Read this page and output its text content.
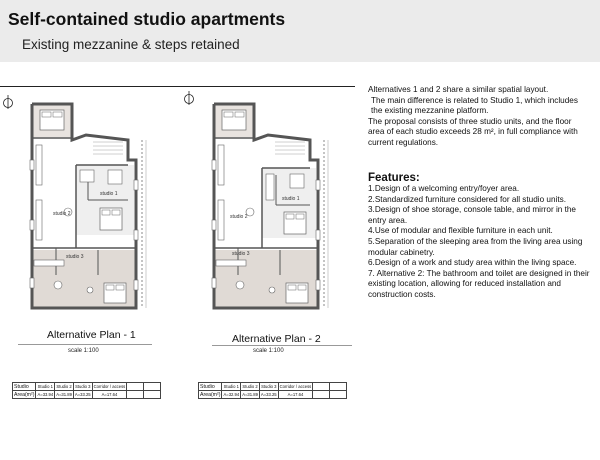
Self-contained studio apartments
Existing mezzanine & steps retained
studio 2
studio 3
studio 1
Alternative Plan - 1
scale 1:100
Studio	Studio 1	Studio 2	Studio 3	Corridor / access		
Area(m²)	A=33.94	A=31.89	A=33.25	A=17.64		
studio 2
studio 3
studio 1
Alternative Plan - 2
scale 1:100
Studio	Studio 1	Studio 2	Studio 3	Corridor / access		
Area(m²)	A=32.94	A=31.89	A=33.25	A=17.64		

Alternatives 1 and 2 share a similar spatial layout.

The main difference is related to Studio 1, which includes the existing mezzanine platform.

The proposal consists of three studio units, and the floor area of each studio exceeds 28 m², in full compliance with current regulations.

Features:
1.Design of a welcoming entry/foyer area.
2.Standardized furniture considered for all studio units.
3.Design of shoe storage, console table, and mirror in the entry area.
4.Use of modular and flexible furniture in each unit.
5.Separation of the sleeping area from the living area using modular cabinetry.
6.Design of a work and study area within the living space.
7. Alternative 2: The bathroom and toilet are designed in their existing location, allowing for reduced installation and construction costs.
